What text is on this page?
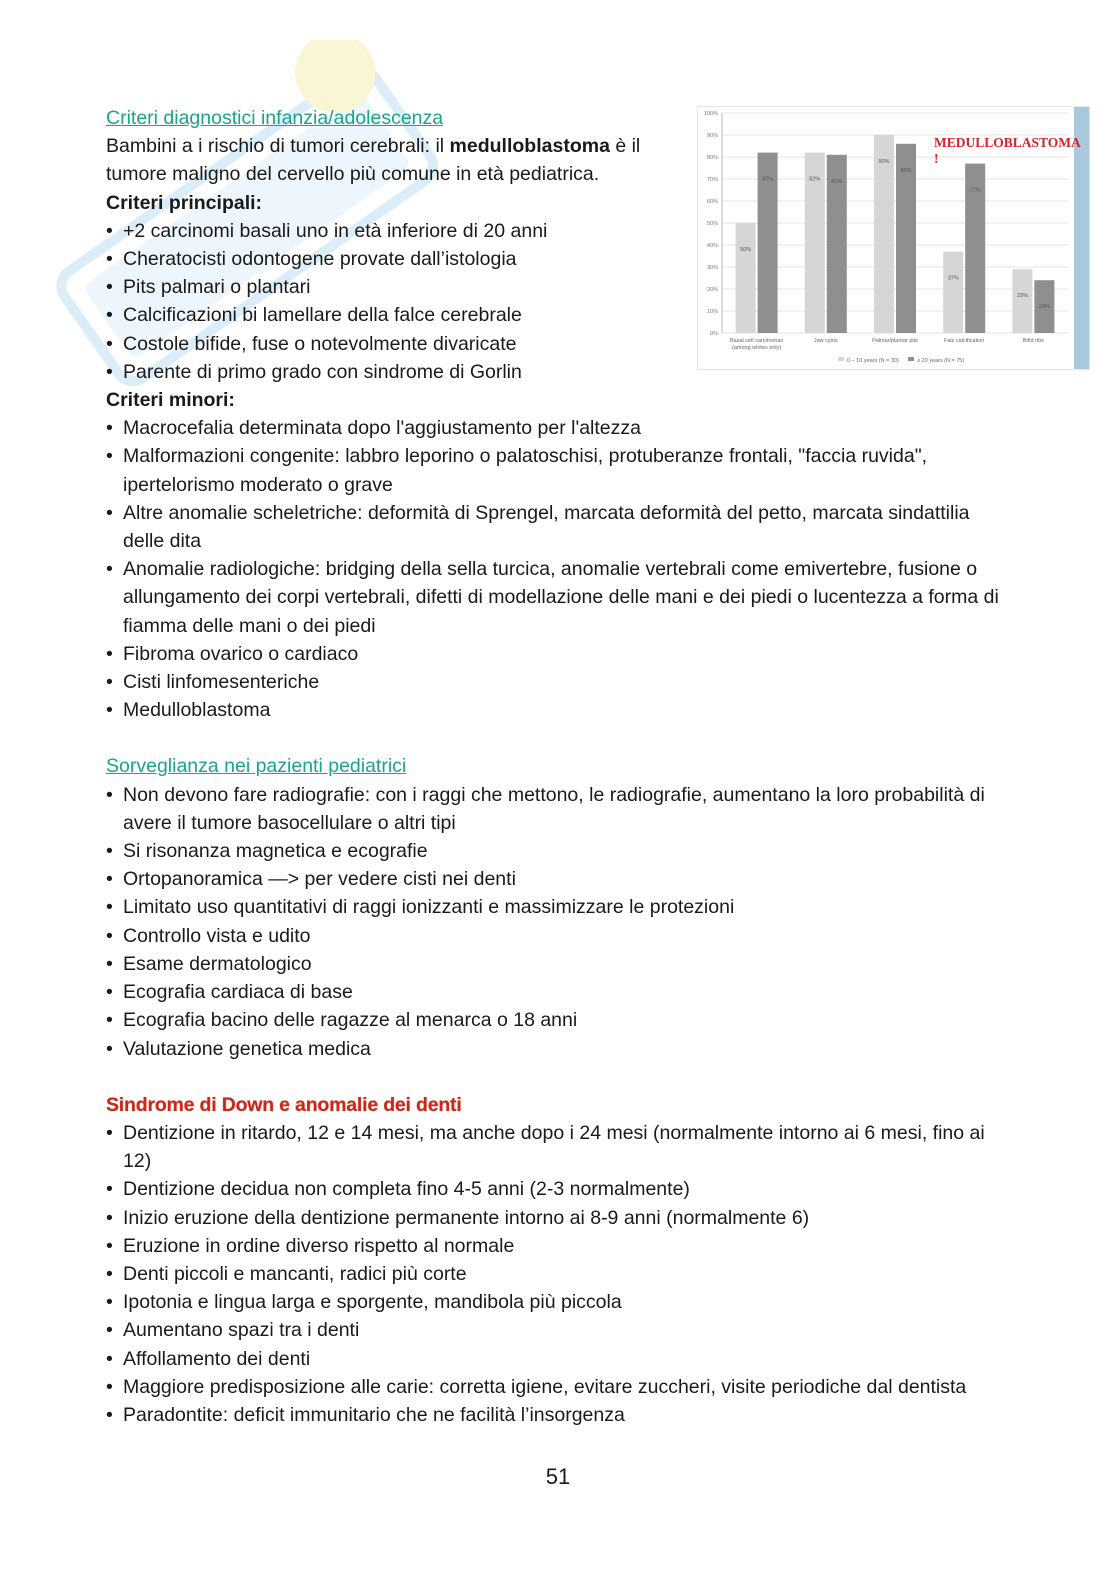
50%
82%	82% 81%
90%
86%
37%
77%
29%
24%
0%
10%
20%
30%
40%
50%
60%
70%
80%
90%
100%
Basal cell carcinomas
(among whites only)
Jaw cysts	Palmar/plantar pits	Falx calcification	Bifid ribs
0 – 10 years (N = 30)	≥ 20 years (N = 75)
MEDULLOBLASTOMA
!
Criteri diagnostici infanzia/adolescenza

Bambini a i rischio di tumori cerebrali: il medulloblastoma è il tumore maligno del cervello più comune in età pediatrica.

Criteri principali:

• +2 carcinomi basali uno in età inferiore di 20 anni
• Cheratocisti odontogene provate dall’istologia
• Pits palmari o plantari
• Calcificazioni bi lamellare della falce cerebrale
• Costole bifide, fuse o notevolmente divaricate
• Parente di primo grado con sindrome di Gorlin

Criteri minori:

• Macrocefalia determinata dopo l'aggiustamento per l'altezza
• Malformazioni congenite: labbro leporino o palatoschisi, protuberanze frontali, "faccia ruvida", ipertelorismo moderato o grave
• Altre anomalie scheletriche: deformità di Sprengel, marcata deformità del petto, marcata sindattilia delle dita
• Anomalie radiologiche: bridging della sella turcica, anomalie vertebrali come emivertebre, fusione o allungamento dei corpi vertebrali, difetti di modellazione delle mani e dei piedi o lucentezza a forma di fiamma delle mani o dei piedi
• Fibroma ovarico o cardiaco
• Cisti linfomesenteriche
• Medulloblastoma
Sorveglianza nei pazienti pediatrici
• Non devono fare radiografie: con i raggi che mettono, le radiografie, aumentano la loro probabilità di avere il tumore basocellulare o altri tipi
• Si risonanza magnetica e ecografie
• Ortopanoramica —> per vedere cisti nei denti
• Limitato uso quantitativi di raggi ionizzanti e massimizzare le protezioni
• Controllo vista e udito
• Esame dermatologico
• Ecografia cardiaca di base
• Ecografia bacino delle ragazze al menarca o 18 anni
• Valutazione genetica medica
Sindrome di Down e anomalie dei denti
• Dentizione in ritardo, 12 e 14 mesi, ma anche dopo i 24 mesi (normalmente intorno ai 6 mesi, fino ai 12)
• Dentizione decidua non completa fino 4-5 anni (2-3 normalmente)
• Inizio eruzione della dentizione permanente intorno ai 8-9 anni (normalmente 6)
• Eruzione in ordine diverso rispetto al normale
• Denti piccoli e mancanti, radici più corte
• Ipotonia e lingua larga e sporgente, mandibola più piccola
• Aumentano spazi tra i denti
• Affollamento dei denti
• Maggiore predisposizione alle carie: corretta igiene, evitare zuccheri, visite periodiche dal dentista
• Paradontite: deficit immunitario che ne facilità l’insorgenza
51
